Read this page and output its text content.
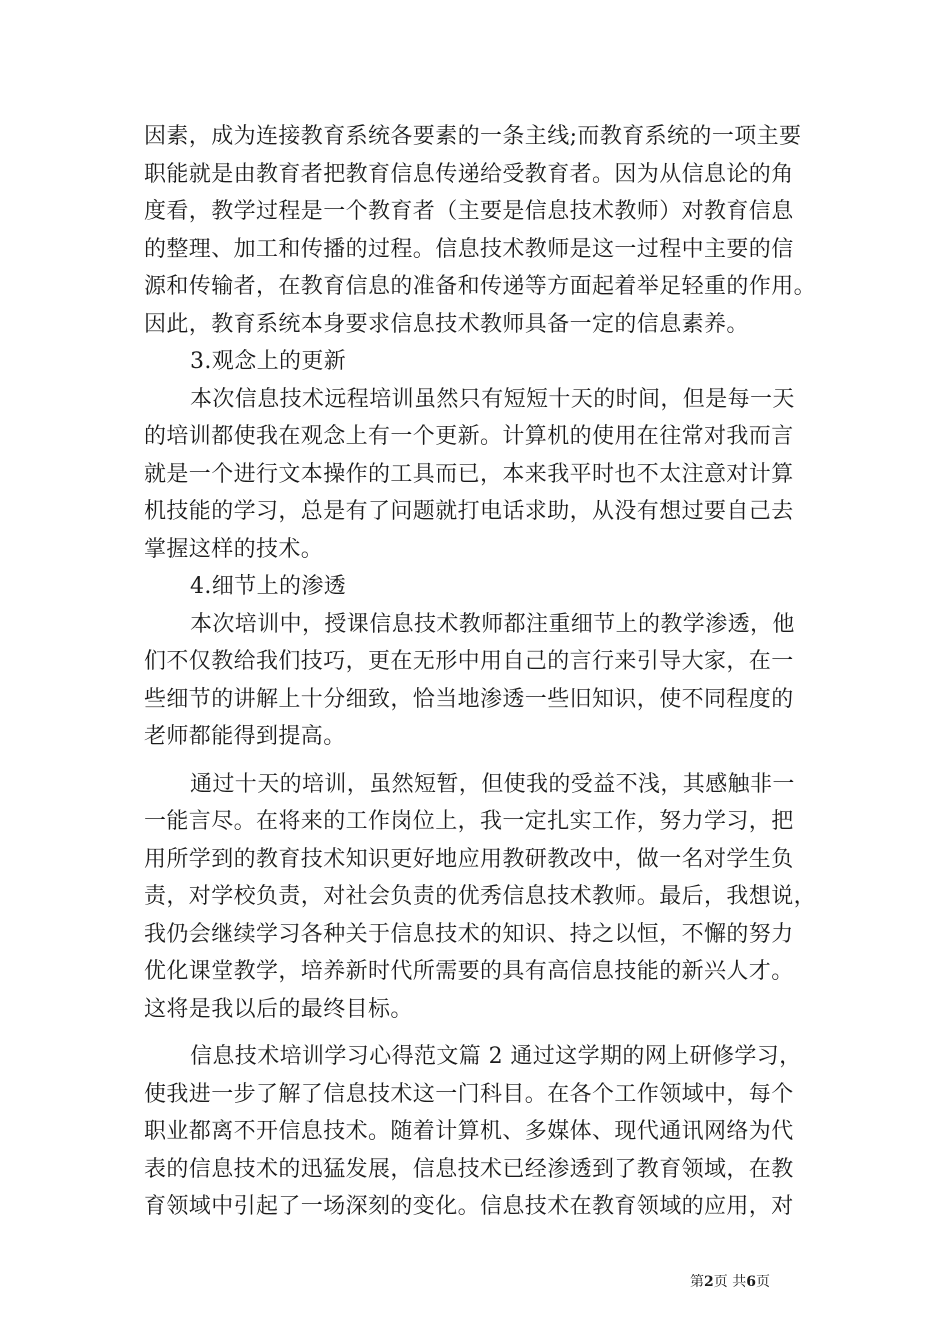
因素，成为连接教育系统各要素的一条主线;而教育系统的一项主要
职能就是由教育者把教育信息传递给受教育者。因为从信息论的角
度看，教学过程是一个教育者（主要是信息技术教师）对教育信息
的整理、加工和传播的过程。信息技术教师是这一过程中主要的信
源和传输者，在教育信息的准备和传递等方面起着举足轻重的作用。
因此，教育系统本身要求信息技术教师具备一定的信息素养。
3.观念上的更新
本次信息技术远程培训虽然只有短短十天的时间，但是每一天
的培训都使我在观念上有一个更新。计算机的使用在往常对我而言
就是一个进行文本操作的工具而已，本来我平时也不太注意对计算
机技能的学习，总是有了问题就打电话求助，从没有想过要自己去
掌握这样的技术。
4.细节上的渗透
本次培训中，授课信息技术教师都注重细节上的教学渗透，他
们不仅教给我们技巧，更在无形中用自己的言行来引导大家，在一
些细节的讲解上十分细致，恰当地渗透一些旧知识，使不同程度的
老师都能得到提高。
通过十天的培训，虽然短暂，但使我的受益不浅，其感触非一
一能言尽。在将来的工作岗位上，我一定扎实工作，努力学习，把
用所学到的教育技术知识更好地应用教研教改中，做一名对学生负
责，对学校负责，对社会负责的优秀信息技术教师。最后，我想说，
我仍会继续学习各种关于信息技术的知识、持之以恒，不懈的努力
优化课堂教学，培养新时代所需要的具有高信息技能的新兴人才。
这将是我以后的最终目标。
信息技术培训学习心得范文篇 2 通过这学期的网上研修学习，
使我进一步了解了信息技术这一门科目。在各个工作领域中，每个
职业都离不开信息技术。随着计算机、多媒体、现代通讯网络为代
表的信息技术的迅猛发展，信息技术已经渗透到了教育领域，在教
育领域中引起了一场深刻的变化。信息技术在教育领域的应用，对
第2页 共6页
